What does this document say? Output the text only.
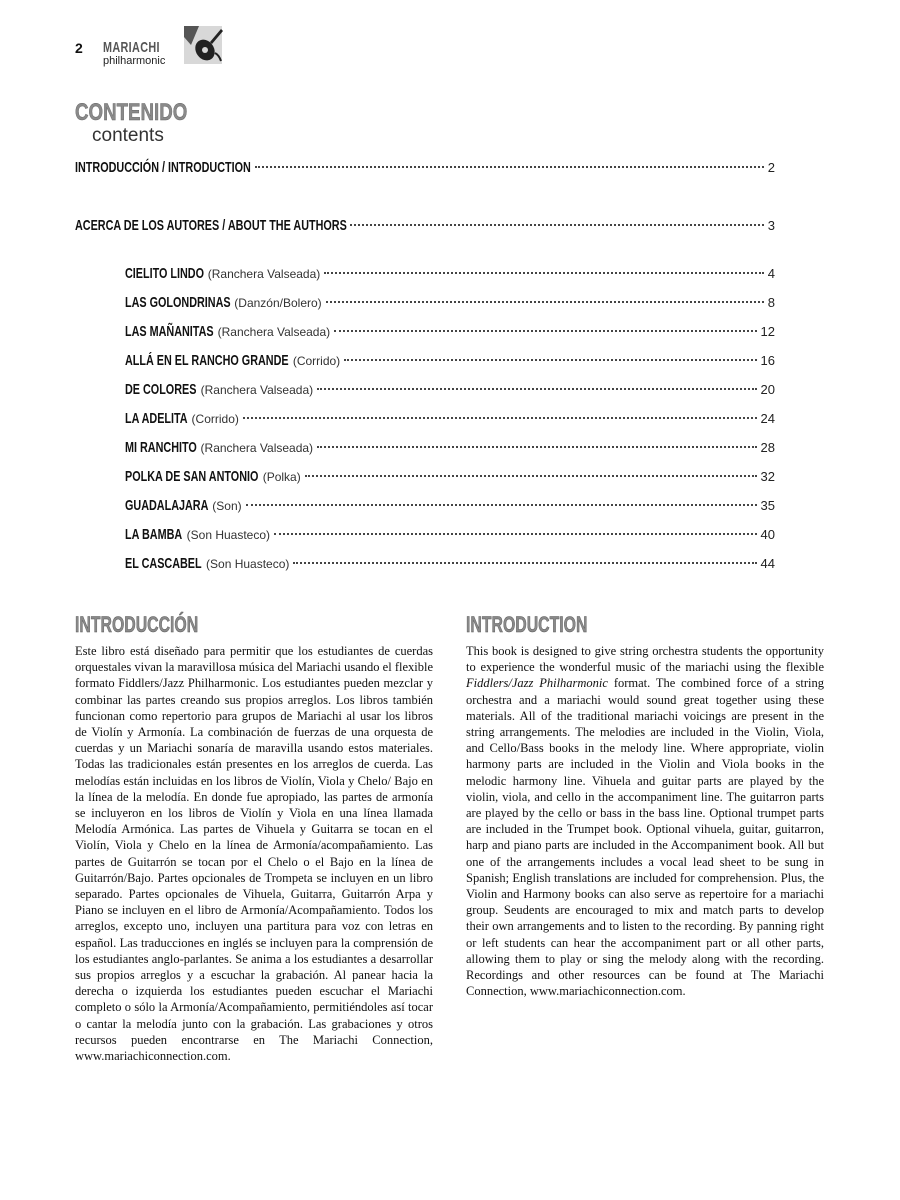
2 MARIACHI
philharmonic
CONTENIDO
contents
INTRODUCCIÓN / INTRODUCTION	2
ACERCA DE LOS AUTORES / ABOUT THE AUTHORS	3
CIELITO LINDO (Ranchera Valseada)	4
LAS GOLONDRINAS (Danzón/Bolero)	8
LAS MAÑANITAS (Ranchera Valseada)	12
ALLÁ EN EL RANCHO GRANDE (Corrido)	16
DE COLORES (Ranchera Valseada)	20
LA ADELITA (Corrido)	24
MI RANCHITO (Ranchera Valseada)	28
POLKA DE SAN ANTONIO (Polka)	32
GUADALAJARA (Son)	35
LA BAMBA (Son Huasteco)	40
EL CASCABEL (Son Huasteco)	44
INTRODUCCIÓN

Este libro está diseñado para permitir que los estudiantes de cuerdas orquestales vivan la maravillosa música del Mariachi usando el flexible formato Fiddlers/Jazz Philharmonic. Los estudiantes pueden mezclar y combinar las partes creando sus propios arreglos. Los libros también funcionan como repertorio para grupos de Mariachi al usar los libros de Violín y Armonía. La combinación de fuerzas de una orquesta de cuerdas y un Mariachi sonaría de maravilla usando estos materiales. Todas las tradicionales están presentes en los arreglos de cuerda. Las melodías están incluidas en los libros de Violín, Viola y Chelo/ Bajo en la línea de la melodía. En donde fue apropiado, las partes de armonía se incluyeron en los libros de Violín y Viola en una línea llamada Melodía Armónica. Las partes de Vihuela y Guitarra se tocan en el Violín, Viola y Chelo en la línea de Armonía/acompañamiento. Las partes de Guitarrón se tocan por el Chelo o el Bajo en la línea de Guitarrón/Bajo. Partes opcionales de Trompeta se incluyen en un libro separado. Partes opcionales de Vihuela, Guitarra, Guitarrón Arpa y Piano se incluyen en el libro de Armonía/Acompañamiento. Todos los arreglos, excepto uno, incluyen una partitura para voz con letras en español. Las traducciones en inglés se incluyen para la comprensión de los estudiantes anglo-parlantes. Se anima a los estudiantes a desarrollar sus propios arreglos y a escuchar la grabación. Al panear hacia la derecha o izquierda los estudiantes pueden escuchar el Mariachi completo o sólo la Armonía/Acompañamiento, permitiéndoles así tocar o cantar la melodía junto con la grabación. Las grabaciones y otros recursos pueden encontrarse en The Mariachi Connection, www.mariachiconnection.com.

INTRODUCTION

This book is designed to give string orchestra students the opportunity to experience the wonderful music of the mariachi using the flexible Fiddlers/Jazz Philharmonic format. The combined force of a string orchestra and a mariachi would sound great together using these materials. All of the traditional mariachi voicings are present in the string arrangements. The melodies are included in the Violin, Viola, and Cello/Bass books in the melody line. Where appropriate, violin harmony parts are included in the Violin and Viola books in the melodic harmony line. Vihuela and guitar parts are played by the violin, viola, and cello in the accompaniment line. The guitarron parts are played by the cello or bass in the bass line. Optional trumpet parts are included in the Trumpet book. Optional vihuela, guitar, guitarron, harp and piano parts are included in the Accompaniment book. All but one of the arrangements includes a vocal lead sheet to be sung in Spanish; English translations are included for comprehension. Plus, the Violin and Harmony books can also serve as repertoire for a mariachi group. Seudents are encouraged to mix and match parts to develop their own arrangements and to listen to the recording. By panning right or left students can hear the accompaniment part or all other parts, allowing them to play or sing the melody along with the recording. Recordings and other resources can be found at The Mariachi Connection, www.mariachiconnection.com.
